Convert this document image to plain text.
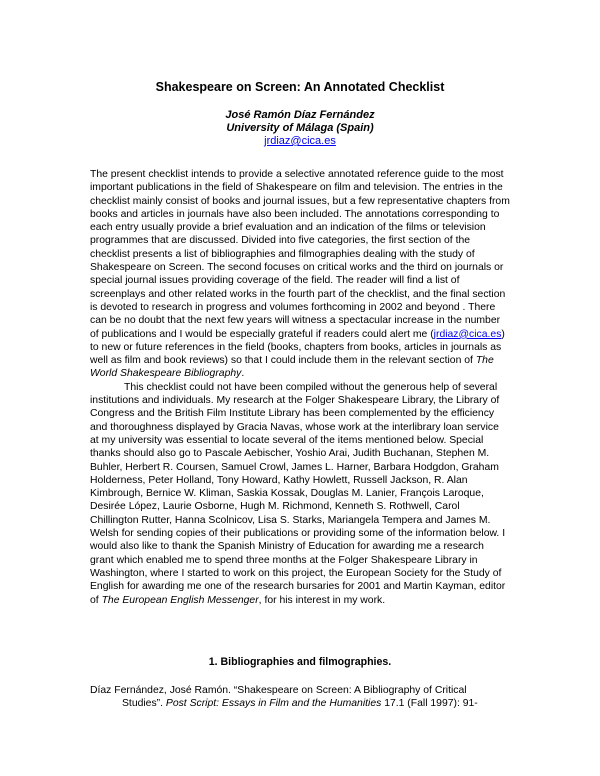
Shakespeare on Screen: An Annotated Checklist
José Ramón Díaz Fernández
University of Málaga (Spain)
jrdiaz@cica.es

The present checklist intends to provide a selective annotated reference guide to the most important publications in the field of Shakespeare on film and television. The entries in the checklist mainly consist of books and journal issues, but a few representative chapters from books and articles in journals have also been included. The annotations corresponding to each entry usually provide a brief evaluation and an indication of the films or television programmes that are discussed. Divided into five categories, the first section of the checklist presents a list of bibliographies and filmographies dealing with the study of Shakespeare on Screen. The second focuses on critical works and the third on journals or special journal issues providing coverage of the field. The reader will find a list of screenplays and other related works in the fourth part of the checklist, and the final section is devoted to research in progress and volumes forthcoming in 2002 and beyond . There can be no doubt that the next few years will witness a spectacular increase in the number of publications and I would be especially grateful if readers could alert me (jrdiaz@cica.es) to new or future references in the field (books, chapters from books, articles in journals as well as film and book reviews) so that I could include them in the relevant section of The World Shakespeare Bibliography.

This checklist could not have been compiled without the generous help of several institutions and individuals. My research at the Folger Shakespeare Library, the Library of Congress and the British Film Institute Library has been complemented by the efficiency and thoroughness displayed by Gracia Navas, whose work at the interlibrary loan service at my university was essential to locate several of the items mentioned below. Special thanks should also go to Pascale Aebischer, Yoshio Arai, Judith Buchanan, Stephen M. Buhler, Herbert R. Coursen, Samuel Crowl, James L. Harner, Barbara Hodgdon, Graham Holderness, Peter Holland, Tony Howard, Kathy Howlett, Russell Jackson, R. Alan Kimbrough, Bernice W. Kliman, Saskia Kossak, Douglas M. Lanier, François Laroque, Desirée López, Laurie Osborne, Hugh M. Richmond, Kenneth S. Rothwell, Carol Chillington Rutter, Hanna Scolnicov, Lisa S. Starks, Mariangela Tempera and James M. Welsh for sending copies of their publications or providing some of the information below. I would also like to thank the Spanish Ministry of Education for awarding me a research grant which enabled me to spend three months at the Folger Shakespeare Library in Washington, where I started to work on this project, the European Society for the Study of English for awarding me one of the research bursaries for 2001 and Martin Kayman, editor of The European English Messenger, for his interest in my work.

1. Bibliographies and filmographies.
Díaz Fernández, José Ramón. “Shakespeare on Screen: A Bibliography of Critical Studies”. Post Script: Essays in Film and the Humanities 17.1 (Fall 1997): 91-
